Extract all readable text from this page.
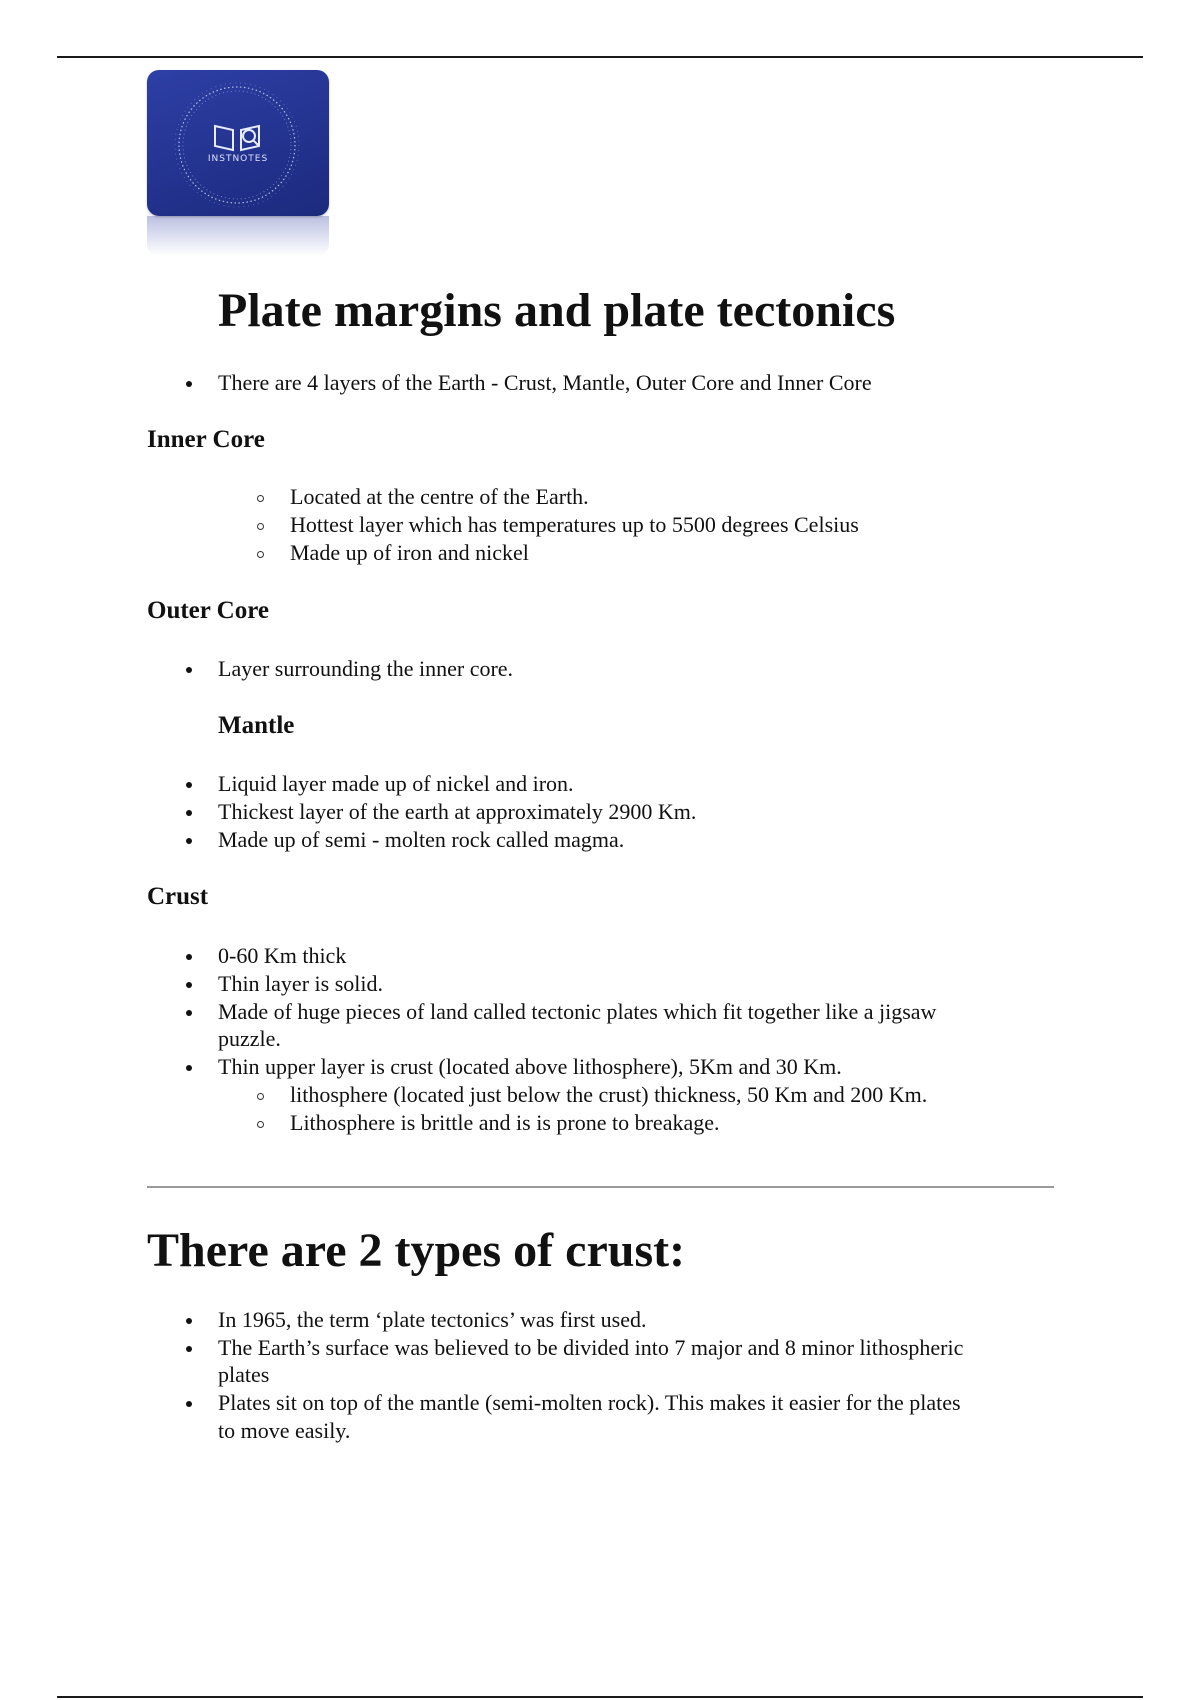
INSTNOTES
Plate margins and plate tectonics
There are 4 layers of the Earth - Crust, Mantle, Outer Core and Inner Core
Inner Core
Located at the centre of the Earth.
Hottest layer which has temperatures up to 5500 degrees Celsius
Made up of iron and nickel
Outer Core
Layer surrounding the inner core.
Mantle
Liquid layer made up of nickel and iron.
Thickest layer of the earth at approximately 2900 Km.
Made up of semi - molten rock called magma.
Crust
0-60 Km thick
Thin layer is solid.
Made of huge pieces of land called tectonic plates which fit together like a jigsaw
puzzle.
Thin upper layer is crust (located above lithosphere), 5Km and 30 Km.
lithosphere (located just below the crust) thickness, 50 Km and 200 Km.
Lithosphere is brittle and is is prone to breakage.
There are 2 types of crust:
In 1965, the term ‘plate tectonics’ was first used.
The Earth’s surface was believed to be divided into 7 major and 8 minor lithospheric
plates
Plates sit on top of the mantle (semi-molten rock). This makes it easier for the plates
to move easily.
